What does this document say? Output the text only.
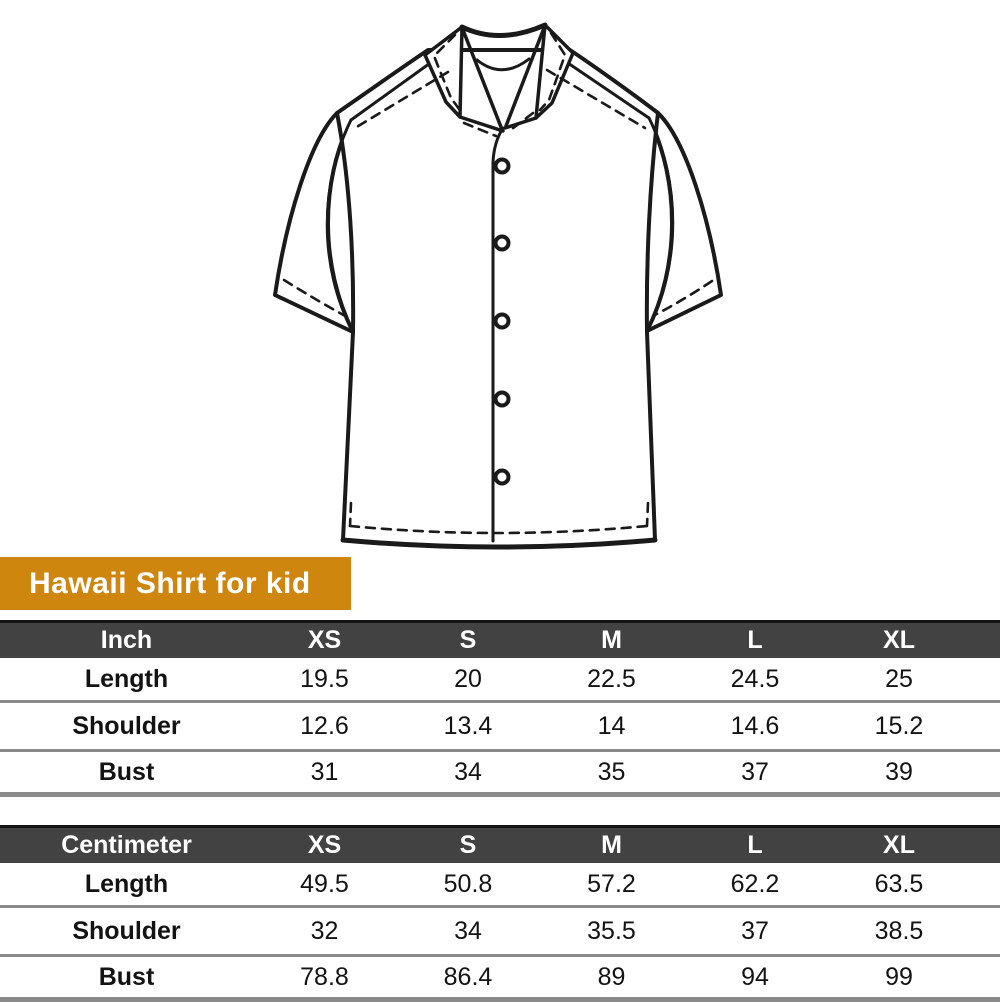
Hawaii Shirt for kid
Inch	XS	S	M	L	XL
Length	19.5	20	22.5	24.5	25
Shoulder	12.6	13.4	14	14.6	15.2
Bust	31	34	35	37	39
Centimeter	XS	S	M	L	XL
Length	49.5	50.8	57.2	62.2	63.5
Shoulder	32	34	35.5	37	38.5
Bust	78.8	86.4	89	94	99
